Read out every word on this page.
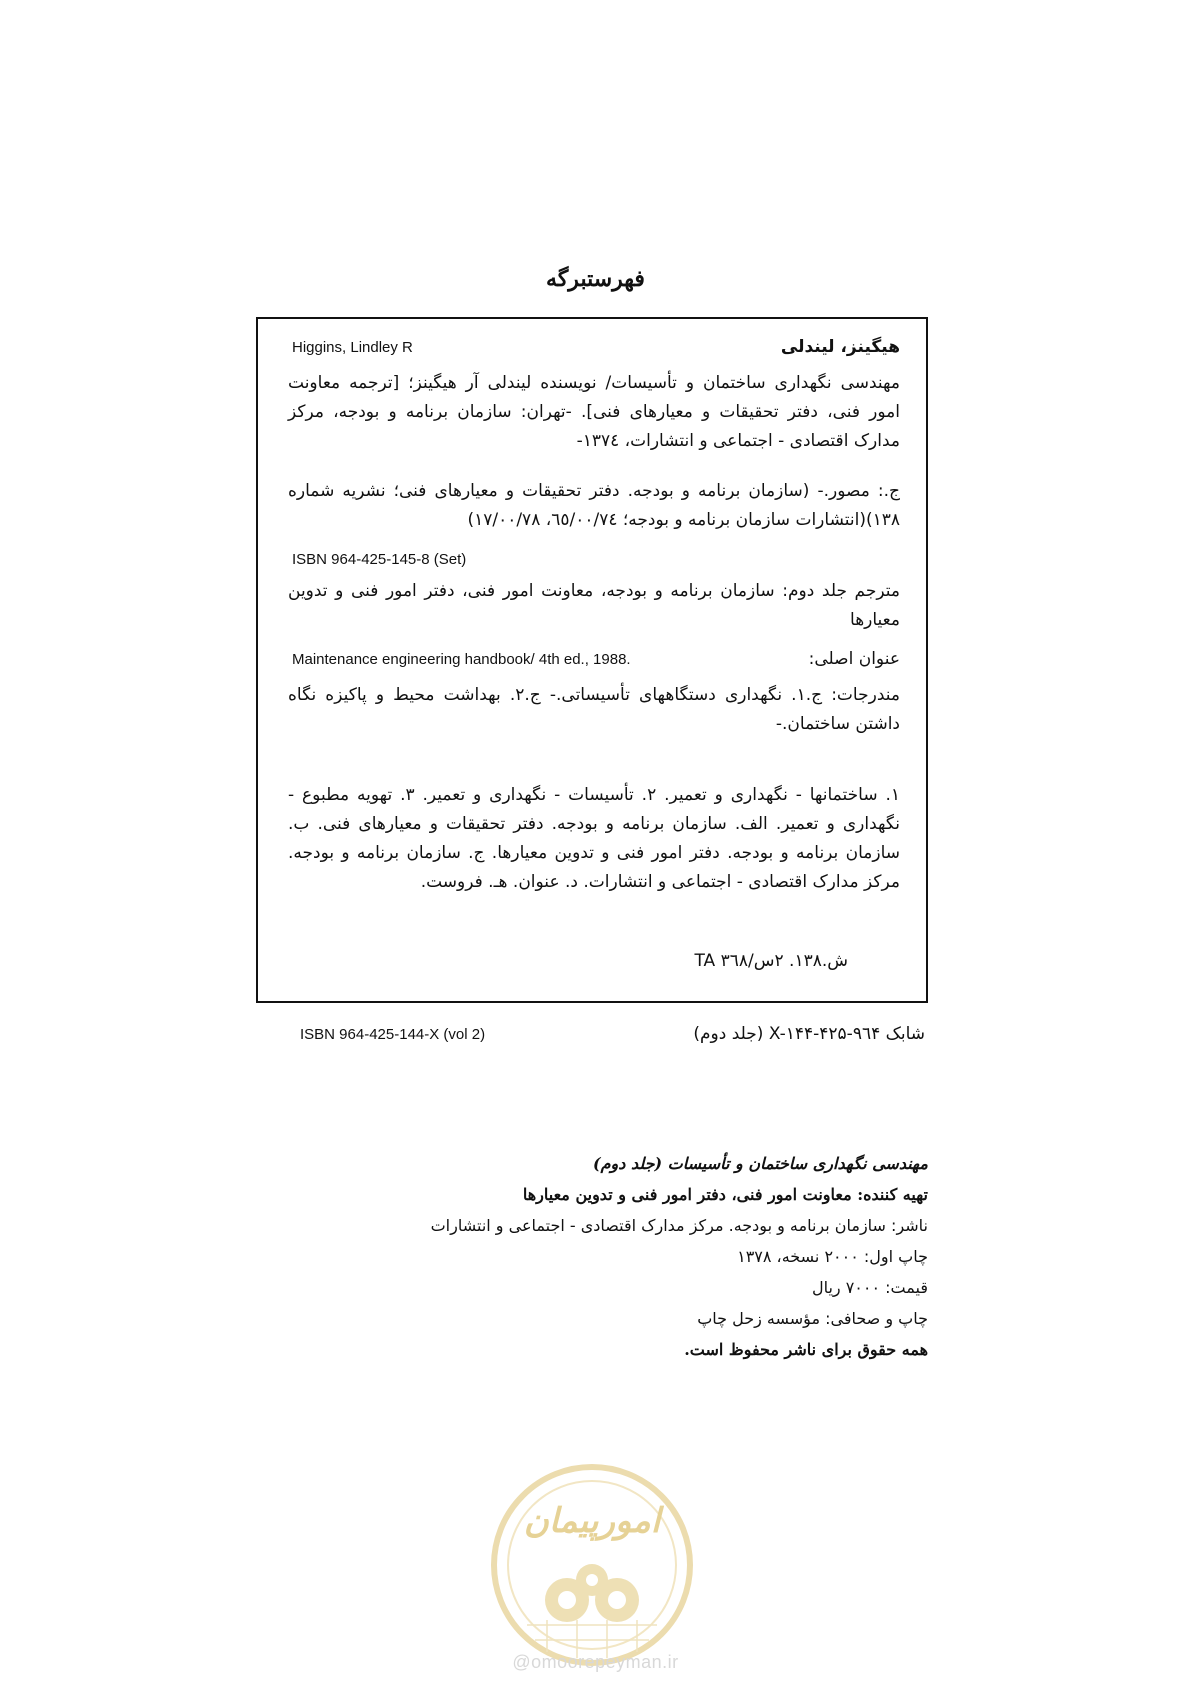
فهرستبرگه
هیگینز، لیندلی
Higgins, Lindley R
مهندسی نگهداری ساختمان و تأسیسات/ نویسنده لیندلی آر هیگینز؛ [ترجمه معاونت امور فنی، دفتر تحقیقات و معیارهای فنی]. -تهران: سازمان برنامه و بودجه، مرکز مدارک اقتصادی - اجتماعی و انتشارات، ۱۳۷٤-
ج.: مصور.- (سازمان برنامه و بودجه. دفتر تحقیقات و معیارهای فنی؛ نشریه شماره ۱۳۸)(انتشارات سازمان برنامه و بودجه؛ ٦٥/٠٠/٧٤، ١٧/٠٠/٧٨)
ISBN 964-425-145-8 (Set)
مترجم جلد دوم: سازمان برنامه و بودجه، معاونت امور فنی، دفتر امور فنی و تدوین معیارها
عنوان اصلی:
Maintenance engineering handbook/ 4th ed., 1988.
مندرجات: ج.۱. نگهداری دستگاههای تأسیساتی.- ج.۲. بهداشت محیط و پاکیزه نگاه داشتن ساختمان.-
۱. ساختمانها - نگهداری و تعمیر. ۲. تأسیسات - نگهداری و تعمیر. ۳. تهویه مطبوع - نگهداری و تعمیر. الف. سازمان برنامه و بودجه. دفتر تحقیقات و معیارهای فنی. ب. سازمان برنامه و بودجه. دفتر امور فنی و تدوین معیارها. ج. سازمان برنامه و بودجه. مرکز مدارک اقتصادی - اجتماعی و انتشارات. د. عنوان. هـ. فروست.
ش.۱۳۸. ۲س/۳٦۸ TA
ISBN 964-425-144-X (vol 2)	شابک X-۱۴۴-۴۲۵-۹٦۴ (جلد دوم)
مهندسی نگهداری ساختمان و تأسیسات (جلد دوم)
تهیه کننده: معاونت امور فنی، دفتر امور فنی و تدوین معیارها
ناشر: سازمان برنامه و بودجه. مرکز مدارک اقتصادی - اجتماعی و انتشارات
چاپ اول: ۲۰۰۰ نسخه، ۱۳۷۸
قیمت: ۷۰۰۰ ریال
چاپ و صحافی: مؤسسه زحل چاپ
همه حقوق برای ناشر محفوظ است.
امورپیمان
@omoorepeyman.ir
